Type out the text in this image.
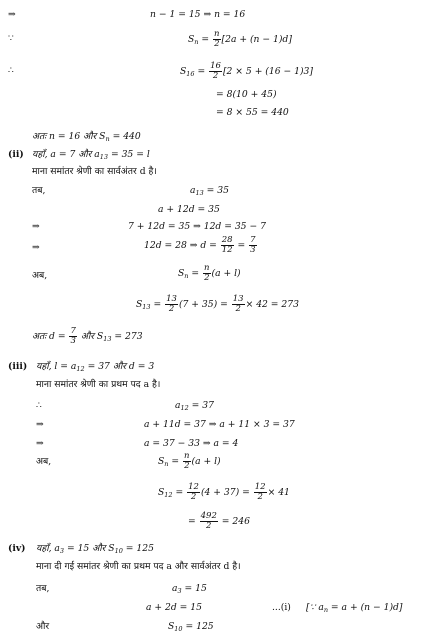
⇒	n − 1 = 15 ⇒ n = 16
∵	$S_n = \frac{n}{2} [2a + (n - 1)d]$
∴	$S_{16} = \frac{16}{2} [2 \times 5 + (16 - 1)3]$
= 8(10 + 45)
= 8 × 55 = 440
अतः n = 16 और $S_n = 440$
(ii) यहाँ, a = 7 और $a_{13} = 35 = l$
माना समांतर श्रेणी का सार्वअंतर d है।
तब,	$a_{13} = 35$
a + 12d = 35
⇒	7 + 12d = 35 ⇒ 12d = 35 − 7
⇒	12d = 28 ⇒ $d = \frac{28}{12} = \frac{7}{3}$
अब,	$S_n = \frac{n}{2} (a + l)$
$S_{13} = \frac{13}{2} (7 + 35) = \frac{13}{2} \times 42 = 273$
अतः $d = \frac{7}{3}$ और $S_{13} = 273$
(iii) यहाँ, $l = a_{12} = 37$ और d = 3
माना समांतर श्रेणी का प्रथम पद a है।
∴	$a_{12} = 37$
⇒	a + 11d = 37 ⇒ a + 11 × 3 = 37
⇒	a = 37 − 33 ⇒ a = 4
अब,	$S_n = \frac{n}{2} (a + l)$
$S_{12} = \frac{12}{2} (4 + 37) = \frac{12}{2} \times 41$
= $\frac{492}{2} = 246$
(iv) यहाँ, $a_3 = 15$ और $S_{10} = 125$
माना दी गई समांतर श्रेणी का प्रथम पद a और सार्वअंतर d है।
तब,	$a_3 = 15$
a + 2d = 15	...(i) [∵ $a_n = a + (n - 1)d$]
और	$S_{10} = 125$
